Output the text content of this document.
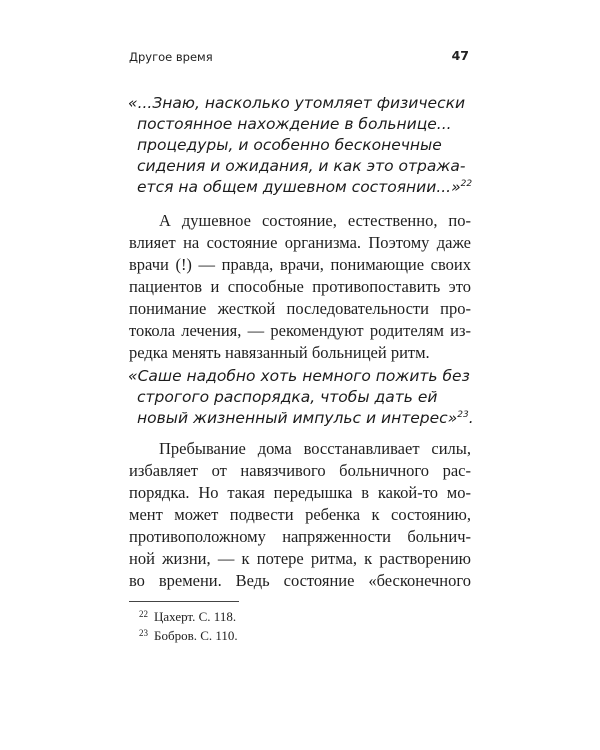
Другое время	47
«...Знаю, насколько утомляет физически
постоянное нахождение в больнице...
процедуры, и особенно бесконечные
сидения и ожидания, и как это отража-
ется на общем душевном состоянии...»$^{22}$
А душевное состояние, естественно, по-
влияет на состояние организма. Поэтому даже
врачи (!) — правда, врачи, понимающие своих
пациентов и способные противопоставить это
понимание жесткой последовательности про-
токола лечения, — рекомендуют родителям из-
редка менять навязанный больницей ритм.
«Саше надобно хоть немного пожить без
строгого распорядка, чтобы дать ей
новый жизненный импульс и интерес»$^{23}$.
Пребывание дома восстанавливает силы,
избавляет от навязчивого больничного рас-
порядка. Но такая передышка в какой-то мо-
мент может подвести ребенка к состоянию,
противоположному напряженности больнич-
ной жизни, — к потере ритма, к растворению
во времени. Ведь состояние «бесконечного
$^{22}$ Цахерт. С. 118.
$^{23}$ Бобров. С. 110.
